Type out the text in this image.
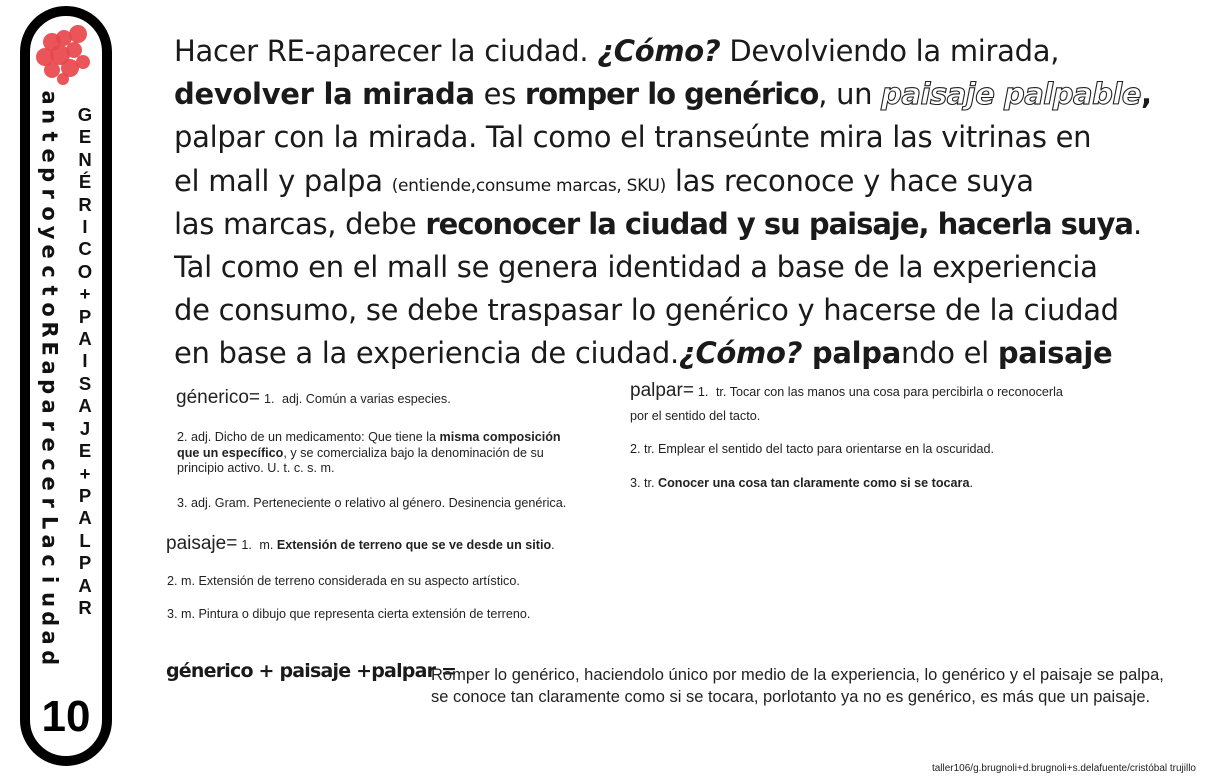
a
n
t
e
p
r
o
y
e
c
t
o
R
E
a
p
a
r
e
c
e
r
L
a
c
i
u
d
a
d
G
E
N
É
R
I
C
O
+
P
A
I
S
A
J
E
+
P
A
L
P
A
R
10
Hacer RE-aparecer la ciudad. ¿Cómo? Devolviendo la mirada,
devolver la mirada es romper lo genérico, un paisaje palpable,
palpar con la mirada. Tal como el transeúnte mira las vitrinas en
el mall y palpa (entiende,consume marcas, SKU) las reconoce y hace suya
las marcas, debe reconocer la ciudad y su paisaje, hacerla suya.
Tal como en el mall se genera identidad a base de la experiencia
de consumo, se debe traspasar lo genérico y hacerse de la ciudad
en base a la experiencia de ciudad.¿Cómo? palpando el paisaje
génerico= 1. adj. Común a varias especies.
2. adj. Dicho de un medicamento: Que tiene la misma composición
que un específico, y se comercializa bajo la denominación de su
principio activo. U. t. c. s. m.
3. adj. Gram. Perteneciente o relativo al género. Desinencia genérica.
paisaje= 1. m. Extensión de terreno que se ve desde un sitio.
2. m. Extensión de terreno considerada en su aspecto artístico.
3. m. Pintura o dibujo que representa cierta extensión de terreno.
palpar= 1. tr. Tocar con las manos una cosa para percibirla o reconocerla
por el sentido del tacto.
2. tr. Emplear el sentido del tacto para orientarse en la oscuridad.
3. tr. Conocer una cosa tan claramente como si se tocara.
génerico + paisaje +palpar =
Romper lo genérico, haciendolo único por medio de la experiencia, lo genérico y el paisaje se palpa,
se conoce tan claramente como si se tocara, porlotanto ya no es genérico, es más que un paisaje.
taller106/g.brugnoli+d.brugnoli+s.delafuente/cristóbal trujillo
